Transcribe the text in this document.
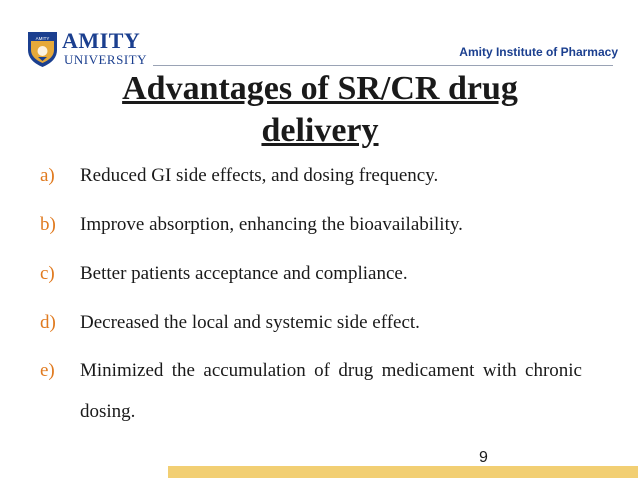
AMITY AMITY
UNIVERSITY	Amity Institute of Pharmacy
Advantages of SR/CR drug delivery
a) Reduced GI side effects, and dosing frequency.
b) Improve absorption, enhancing the bioavailability.
c) Better patients acceptance and compliance.
d) Decreased the local and systemic side effect.
e) Minimized the accumulation of drug medicament with chronic dosing.
9
